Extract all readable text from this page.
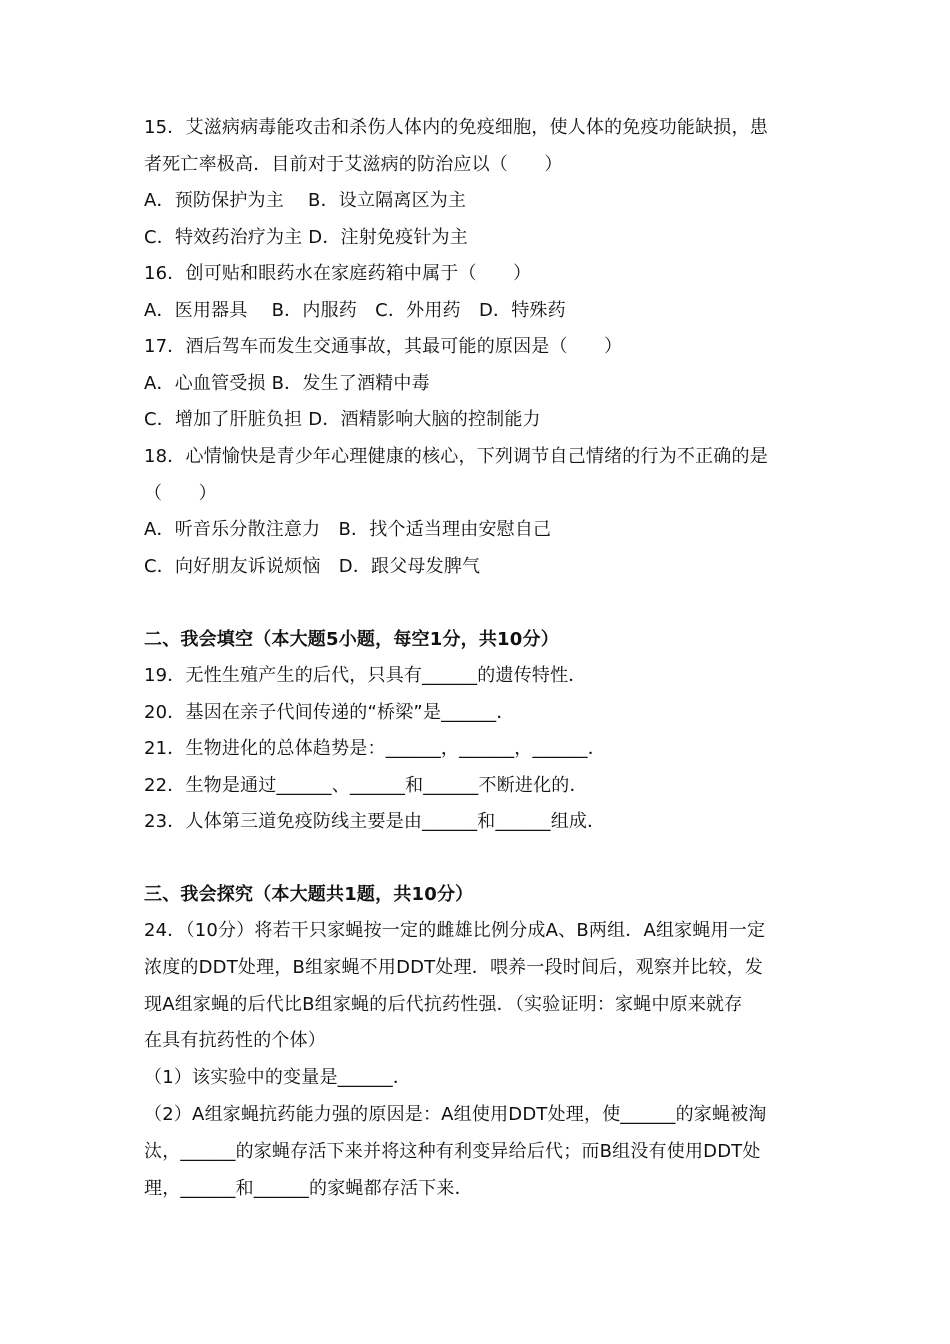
15．艾滋病病毒能攻击和杀伤人体内的免疫细胞，使人体的免疫功能缺损，患
者死亡率极高．目前对于艾滋病的防治应以（　　）
A．预防保护为主　 B．设立隔离区为主
C．特效药治疗为主 D．注射免疫针为主
16．创可贴和眼药水在家庭药箱中属于（　　）
A．医用器具　 B．内服药　C．外用药　D．特殊药
17．酒后驾车而发生交通事故，其最可能的原因是（　　）
A．心血管受损 B．发生了酒精中毒
C．增加了肝脏负担 D．酒精影响大脑的控制能力
18．心情愉快是青少年心理健康的核心，下列调节自己情绪的行为不正确的是
（　　）
A．听音乐分散注意力　B．找个适当理由安慰自己
C．向好朋友诉说烦恼　D．跟父母发脾气
二、我会填空（本大题5小题，每空1分，共10分）
19．无性生殖产生的后代，只具有______的遗传特性．
20．基因在亲子代间传递的“桥梁”是______．
21．生物进化的总体趋势是：______，______，______．
22．生物是通过______、______和______不断进化的．
23．人体第三道免疫防线主要是由______和______组成．
三、我会探究（本大题共1题，共10分）
24．（10分）将若干只家蝇按一定的雌雄比例分成A、B两组．A组家蝇用一定
浓度的DDT处理，B组家蝇不用DDT处理．喂养一段时间后，观察并比较，发
现A组家蝇的后代比B组家蝇的后代抗药性强．（实验证明：家蝇中原来就存
在具有抗药性的个体）
（1）该实验中的变量是______．
（2）A组家蝇抗药能力强的原因是：A组使用DDT处理，使______的家蝇被淘
汰，______的家蝇存活下来并将这种有利变异给后代；而B组没有使用DDT处
理，______和______的家蝇都存活下来．
